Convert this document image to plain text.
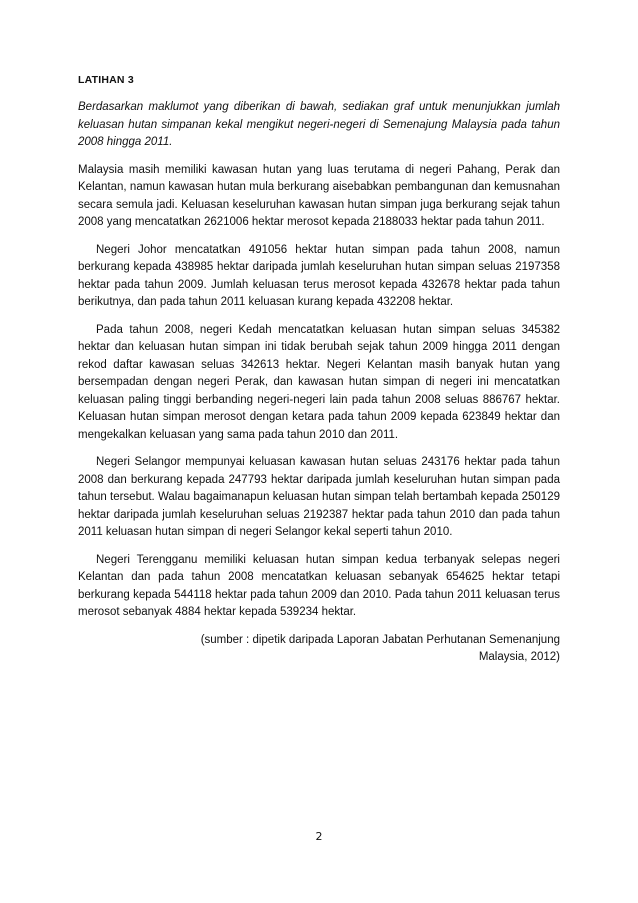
LATIHAN 3

Berdasarkan maklumot yang diberikan di bawah, sediakan graf untuk menunjukkan jumlah keluasan hutan simpanan kekal mengikut negeri-negeri di Semenajung Malaysia pada tahun 2008 hingga 2011.

Malaysia masih memiliki kawasan hutan yang luas terutama di negeri Pahang, Perak dan Kelantan, namun kawasan hutan mula berkurang aisebabkan pembangunan dan kemusnahan secara semula jadi. Keluasan keseluruhan kawasan hutan simpan juga berkurang sejak tahun 2008 yang mencatatkan 2621006 hektar merosot kepada 2188033 hektar pada tahun 2011.

Negeri Johor mencatatkan 491056 hektar hutan simpan pada tahun 2008, namun berkurang kepada 438985 hektar daripada jumlah keseluruhan hutan simpan seluas 2197358 hektar pada tahun 2009. Jumlah keluasan terus merosot kepada 432678 hektar pada tahun berikutnya, dan pada tahun 2011 keluasan kurang kepada 432208 hektar.

Pada tahun 2008, negeri Kedah mencatatkan keluasan hutan simpan seluas 345382 hektar dan keluasan hutan simpan ini tidak berubah sejak tahun 2009 hingga 2011 dengan rekod daftar kawasan seluas 342613 hektar. Negeri Kelantan masih banyak hutan yang bersempadan dengan negeri Perak, dan kawasan hutan simpan di negeri ini mencatatkan keluasan paling tinggi berbanding negeri-negeri lain pada tahun 2008 seluas 886767 hektar. Keluasan hutan simpan merosot dengan ketara pada tahun 2009 kepada 623849 hektar dan mengekalkan keluasan yang sama pada tahun 2010 dan 2011.

Negeri Selangor mempunyai keluasan kawasan hutan seluas 243176 hektar pada tahun 2008 dan berkurang kepada 247793 hektar daripada jumlah keseluruhan hutan simpan pada tahun tersebut. Walau bagaimanapun keluasan hutan simpan telah bertambah kepada 250129 hektar daripada jumlah keseluruhan seluas 2192387 hektar pada tahun 2010 dan pada tahun 2011 keluasan hutan simpan di negeri Selangor kekal seperti tahun 2010.

Negeri Terengganu memiliki keluasan hutan simpan kedua terbanyak selepas negeri Kelantan dan pada tahun 2008 mencatatkan keluasan sebanyak 654625 hektar tetapi berkurang kepada 544118 hektar pada tahun 2009 dan 2010. Pada tahun 2011 keluasan terus merosot sebanyak 4884 hektar kepada 539234 hektar.

(sumber : dipetik daripada Laporan Jabatan Perhutanan Semenanjung Malaysia, 2012)

2
